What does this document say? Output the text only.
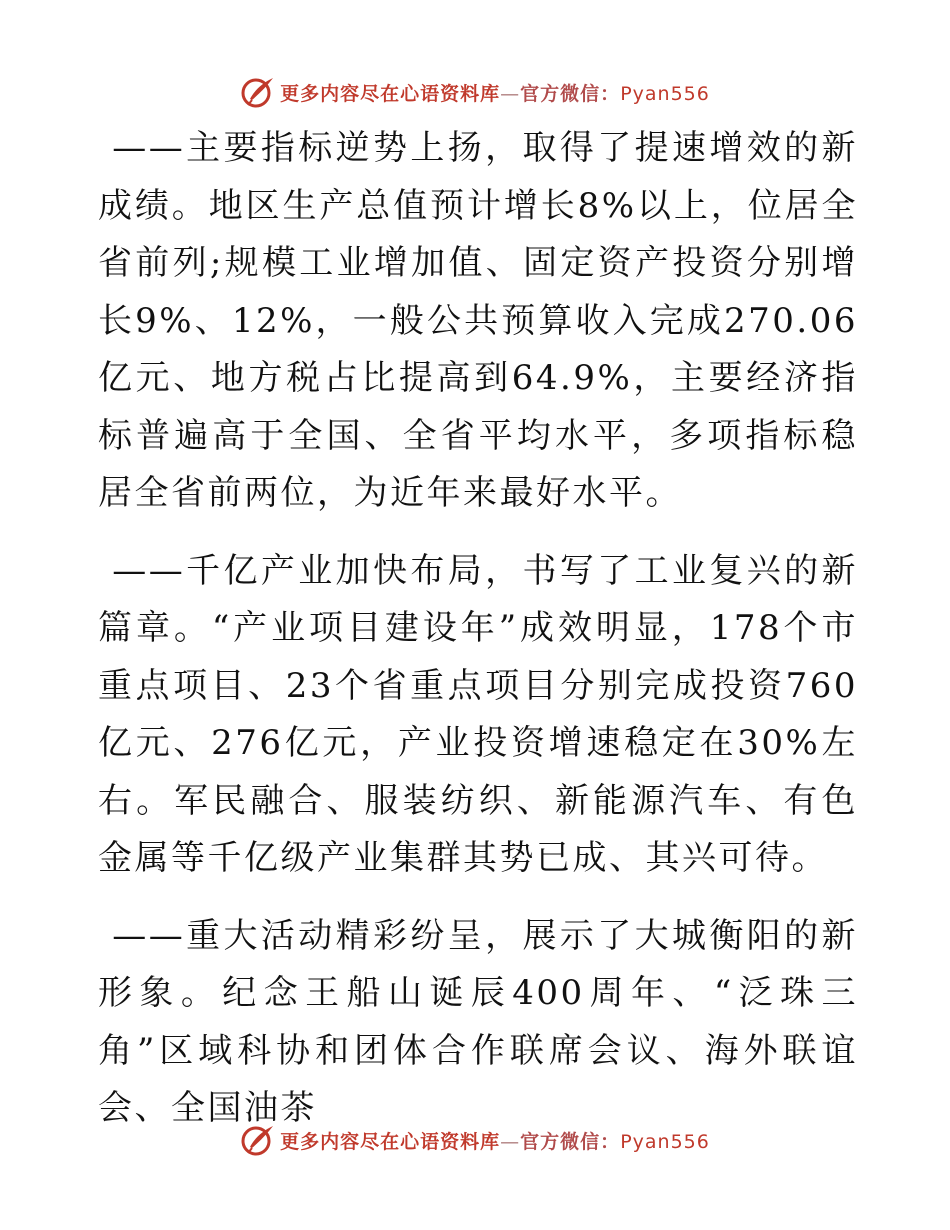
更多内容尽在心语资料库—官方微信：Pyan556

——主要指标逆势上扬，取得了提速增效的新成绩。地区生产总值预计增长8%以上，位居全省前列;规模工业增加值、固定资产投资分别增长9%、12%，一般公共预算收入完成270.06亿元、地方税占比提高到64.9%，主要经济指标普遍高于全国、全省平均水平，多项指标稳居全省前两位，为近年来最好水平。

——千亿产业加快布局，书写了工业复兴的新篇章。“产业项目建设年”成效明显，178个市重点项目、23个省重点项目分别完成投资760亿元、276亿元，产业投资增速稳定在30%左右。军民融合、服装纺织、新能源汽车、有色金属等千亿级产业集群其势已成、其兴可待。

——重大活动精彩纷呈，展示了大城衡阳的新形象。纪念王船山诞辰400周年、“泛珠三角”区域科协和团体合作联席会议、海外联谊会、全国油茶

更多内容尽在心语资料库—官方微信：Pyan556
